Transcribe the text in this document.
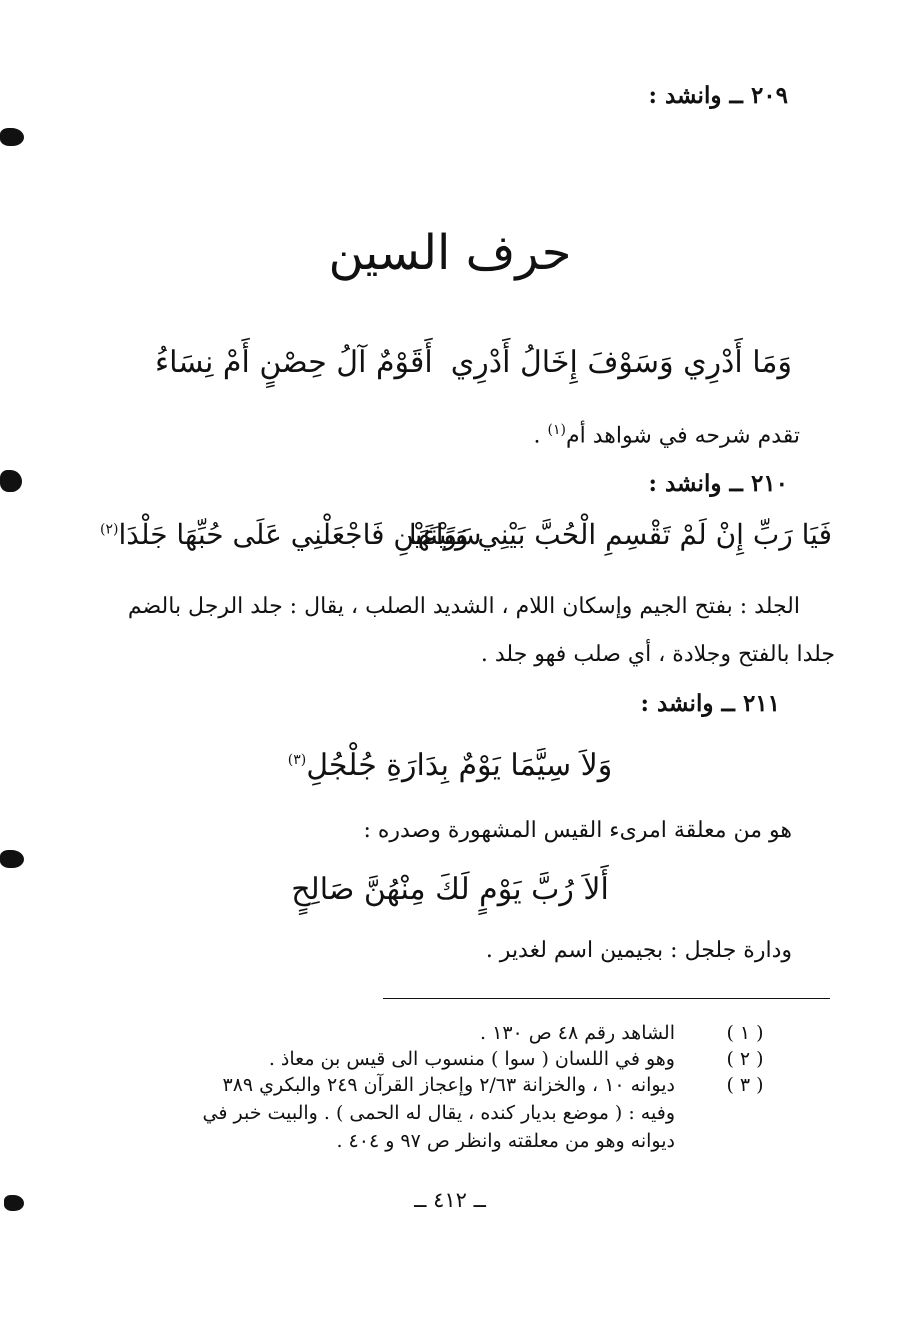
٢٠٩ ــ وانشد :
حرف السين
وَمَا أَدْرِي وَسَوْفَ إِخَالُ أَدْرِي
أَقَوْمٌ آلُ حِصْنٍ أَمْ نِسَاءُ
تقدم شرحه في شواهد أم$^{(١)}$ .
٢١٠ ــ وانشد :
فَيَا رَبِّ إِنْ لَمْ تَقْسِمِ الْحُبَّ بَيْنِي وَبَيْنَهَا
سَوَاءَيْنِ فَاجْعَلْنِي عَلَى حُبِّهَا جَلْدَا$^{(٢)}$
الجلد : بفتح الجيم وإسكان اللام ، الشديد الصلب ، يقال : جلد الرجل بالضم
جلدا بالفتح وجلادة ، أي صلب فهو جلد .
٢١١ ــ وانشد :
وَلاَ سِيَّمَا يَوْمٌ بِدَارَةِ جُلْجُلِ$^{(٣)}$
هو من معلقة امرىء القيس المشهورة وصدره :
أَلاَ رُبَّ يَوْمٍ لَكَ مِنْهُنَّ صَالِحٍ
ودارة جلجل : بجيمين اسم لغدير .
( ١ )
الشاهد رقم ٤٨ ص ١٣٠ .
( ٢ )
وهو في اللسان ( سوا ) منسوب الى قيس بن معاذ .
( ٣ )
ديوانه ١٠ ، والخزانة ٢/٦٣ وإعجاز القرآن ٢٤٩ والبكري ٣٨٩
وفيه : ( موضع بديار كنده ، يقال له الحمى ) . والبيت خبر في
ديوانه وهو من معلقته وانظر ص ٩٧ و ٤٠٤ .
ــ ٤١٢ ــ
